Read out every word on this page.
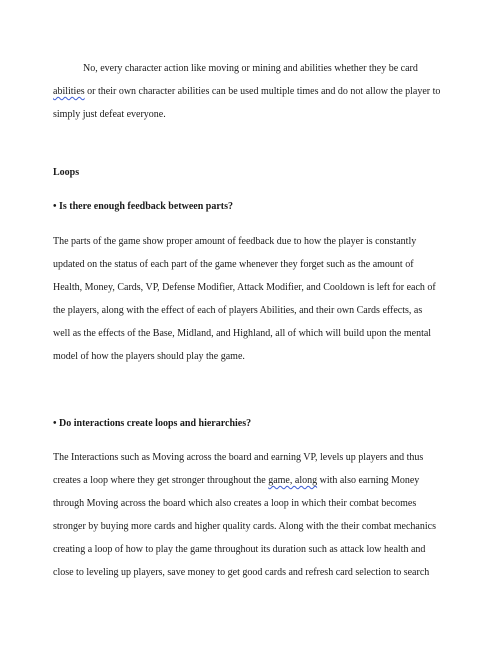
No, every character action like moving or mining and abilities whether they be card
abilities or their own character abilities can be used multiple times and do not allow the player to
simply just defeat everyone.

Loops
• Is there enough feedback between parts?

The parts of the game show proper amount of feedback due to how the player is constantly
updated on the status of each part of the game whenever they forget such as the amount of
Health, Money, Cards, VP, Defense Modifier, Attack Modifier, and Cooldown is left for each of
the players, along with the effect of each of players Abilities, and their own Cards effects, as
well as the effects of the Base, Midland, and Highland, all of which will build upon the mental
model of how the players should play the game.

• Do interactions create loops and hierarchies?

The Interactions such as Moving across the board and earning VP, levels up players and thus
creates a loop where they get stronger throughout the game, along with also earning Money
through Moving across the board which also creates a loop in which their combat becomes
stronger by buying more cards and higher quality cards. Along with the their combat mechanics
creating a loop of how to play the game throughout its duration such as attack low health and
close to leveling up players, save money to get good cards and refresh card selection to search
